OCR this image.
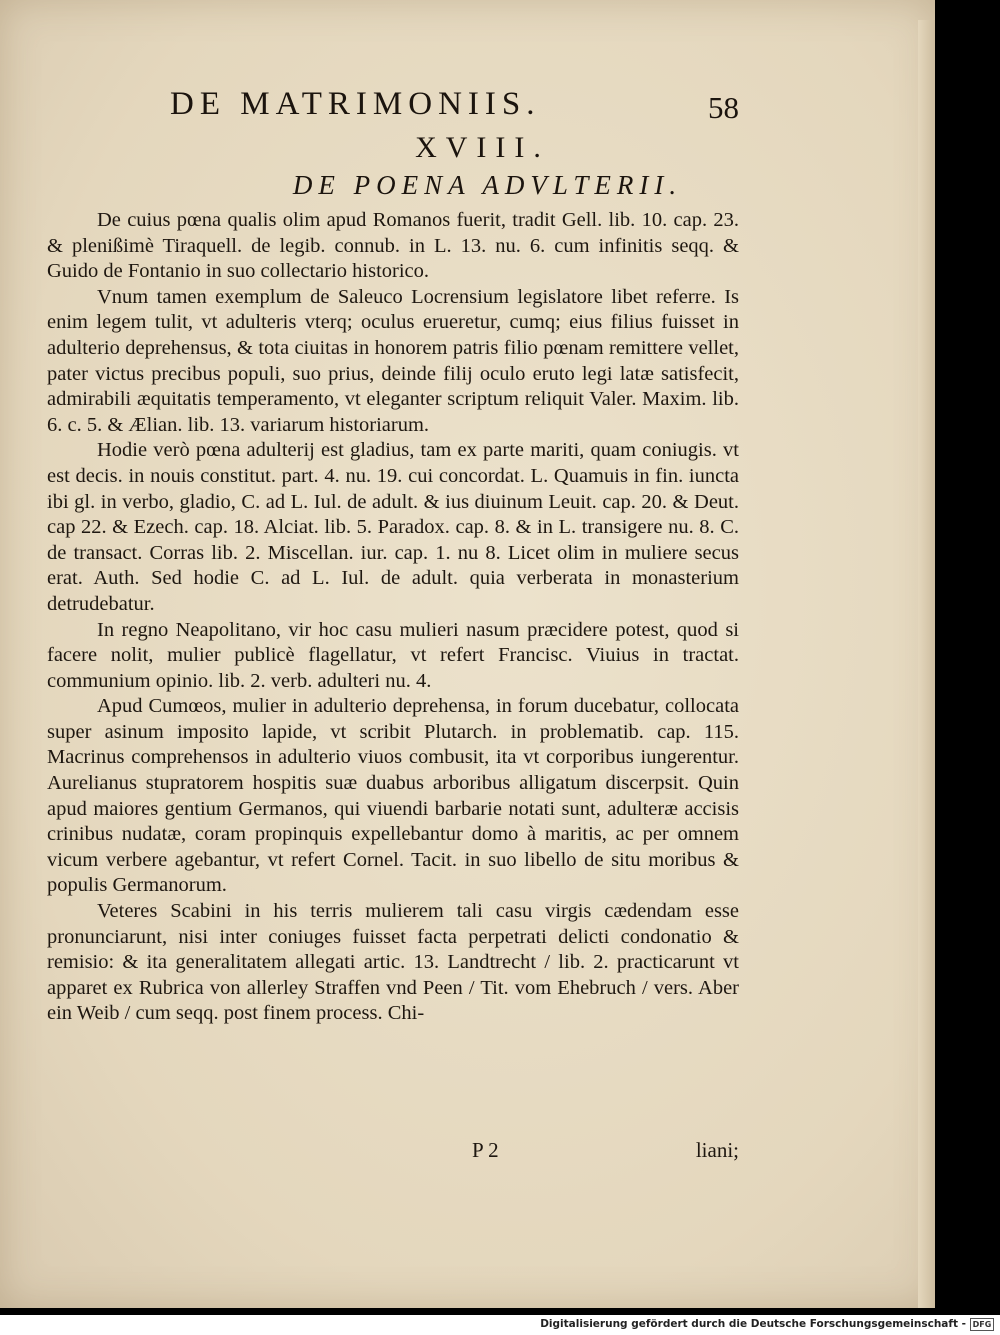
DE MATRIMONIIS.	58
XVIII.
DE POENA ADVLTERII.

De cuius pœna qualis olim apud Romanos fuerit, tradit Gell. lib. 10. cap. 23. & plenißimè Tiraquell. de legib. connub. in L. 13. nu. 6. cum infinitis seqq. & Guido de Fontanio in suo collectario historico.

Vnum tamen exemplum de Saleuco Locrensium legislatore libet referre. Is enim legem tulit, vt adulteris vterq; oculus erueretur, cumq; eius filius fuisset in adulterio deprehensus, & tota ciuitas in honorem patris filio pœnam remittere vellet, pater victus precibus populi, suo prius, deinde filij oculo eruto legi latæ satisfecit, admirabili æquitatis temperamento, vt eleganter scriptum reliquit Valer. Maxim. lib. 6. c. 5. & Ælian. lib. 13. variarum historiarum.

Hodie verò pœna adulterij est gladius, tam ex parte mariti, quam coniugis. vt est decis. in nouis constitut. part. 4. nu. 19. cui concordat. L. Quamuis in fin. iuncta ibi gl. in verbo, gladio, C. ad L. Iul. de adult. & ius diuinum Leuit. cap. 20. & Deut. cap 22. & Ezech. cap. 18. Alciat. lib. 5. Paradox. cap. 8. & in L. transigere nu. 8. C. de transact. Corras lib. 2. Miscellan. iur. cap. 1. nu 8. Licet olim in muliere secus erat. Auth. Sed hodie C. ad L. Iul. de adult. quia verberata in monasterium detrudebatur.

In regno Neapolitano, vir hoc casu mulieri nasum præcidere potest, quod si facere nolit, mulier publicè flagellatur, vt refert Francisc. Viuius in tractat. communium opinio. lib. 2. verb. adulteri nu. 4.

Apud Cumœos, mulier in adulterio deprehensa, in forum ducebatur, collocata super asinum imposito lapide, vt scribit Plutarch. in problematib. cap. 115. Macrinus comprehensos in adulterio viuos combusit, ita vt corporibus iungerentur. Aurelianus stupratorem hospitis suæ duabus arboribus alligatum discerpsit. Quin apud maiores gentium Germanos, qui viuendi barbarie notati sunt, adulteræ accisis crinibus nudatæ, coram propinquis expellebantur domo à maritis, ac per omnem vicum verbere agebantur, vt refert Cornel. Tacit. in suo libello de situ moribus & populis Germanorum.

Veteres Scabini in his terris mulierem tali casu virgis cædendam esse pronunciarunt, nisi inter coniuges fuisset facta perpetrati delicti condonatio & remisio: & ita generalitatem allegati artic. 13. Landtrecht / lib. 2. practicarunt vt apparet ex Rubrica von allerley Straffen vnd Peen / Tit. vom Ehebruch / vers. Aber ein Weib / cum seqq. post finem process. Chi-

P 2	liani;
Digitalisierung gefördert durch die Deutsche Forschungsgemeinschaft - DFG
